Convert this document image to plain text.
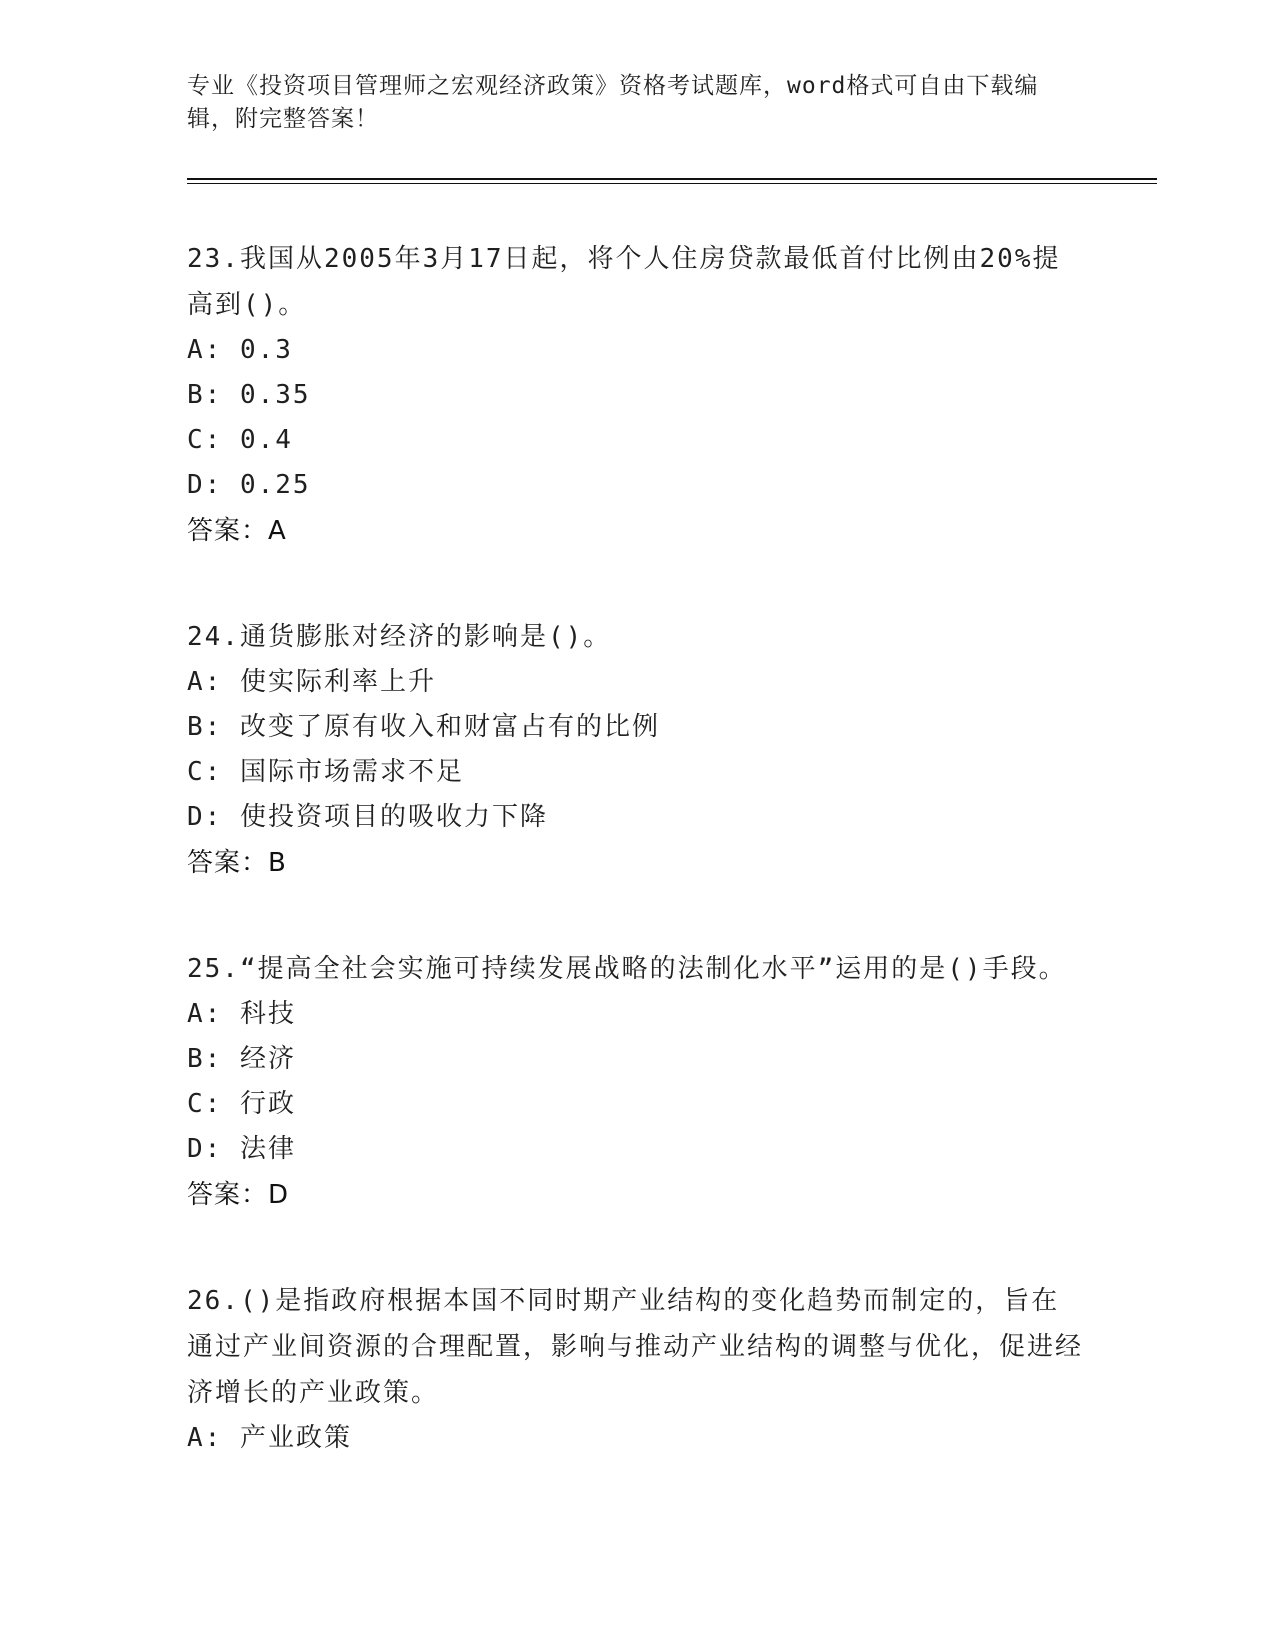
专业《投资项目管理师之宏观经济政策》资格考试题库，word格式可自由下载编辑，附完整答案！
23.我国从2005年3月17日起，将个人住房贷款最低首付比例由20%提高到()。
A: 0.3
B: 0.35
C: 0.4
D: 0.25
答案：A
24.通货膨胀对经济的影响是()。
A: 使实际利率上升
B: 改变了原有收入和财富占有的比例
C: 国际市场需求不足
D: 使投资项目的吸收力下降
答案：B
25.“提高全社会实施可持续发展战略的法制化水平”运用的是()手段。
A: 科技
B: 经济
C: 行政
D: 法律
答案：D
26.()是指政府根据本国不同时期产业结构的变化趋势而制定的，旨在通过产业间资源的合理配置，影响与推动产业结构的调整与优化，促进经济增长的产业政策。
A: 产业政策
